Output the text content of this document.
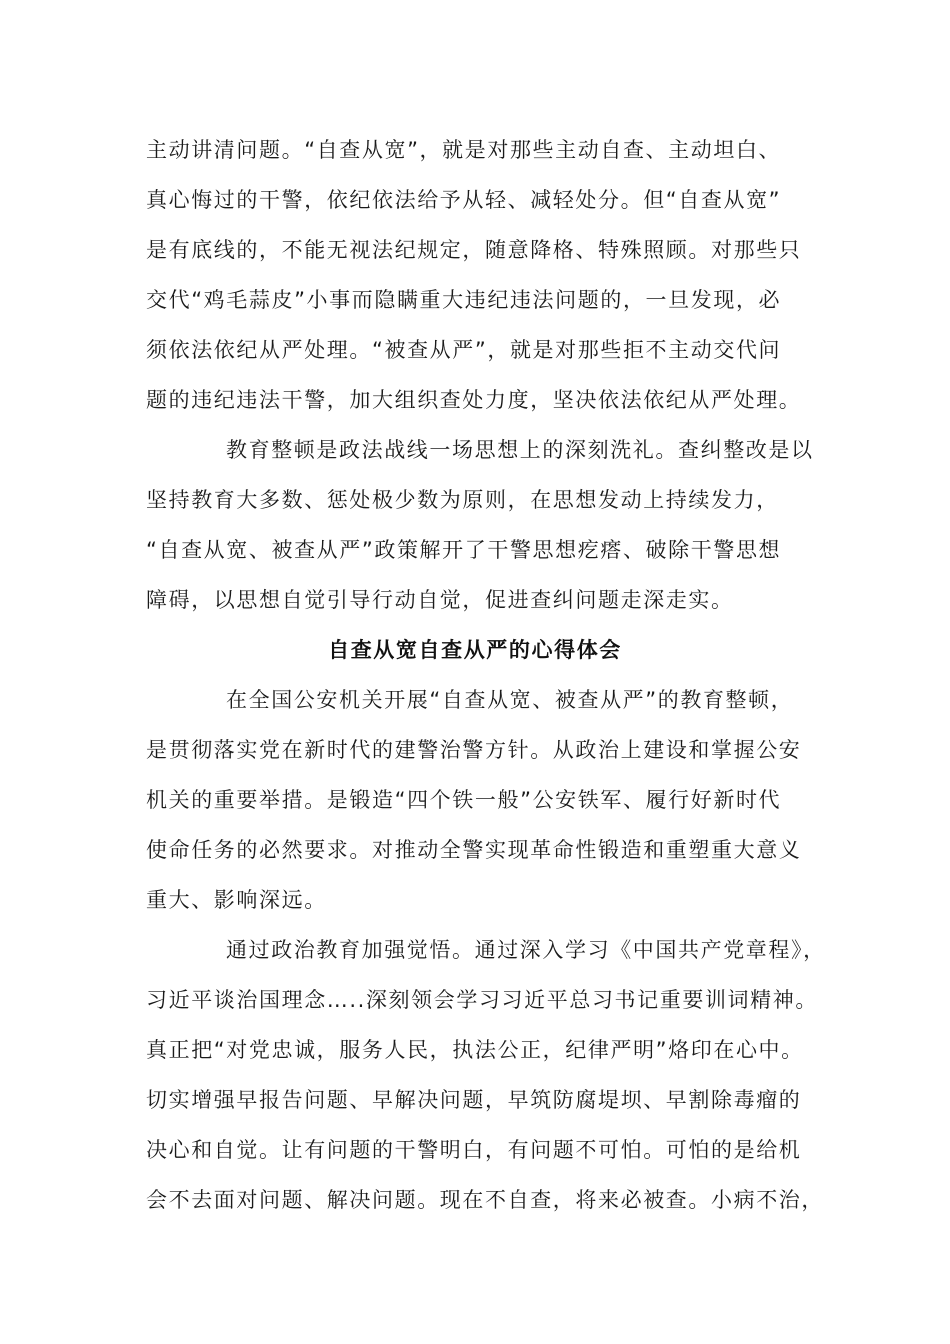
主动讲清问题。“自查从宽”，就是对那些主动自查、主动坦白、
真心悔过的干警，依纪依法给予从轻、减轻处分。但“自查从宽”
是有底线的，不能无视法纪规定，随意降格、特殊照顾。对那些只
交代“鸡毛蒜皮”小事而隐瞒重大违纪违法问题的，一旦发现，必
须依法依纪从严处理。“被查从严”，就是对那些拒不主动交代问
题的违纪违法干警，加大组织查处力度，坚决依法依纪从严处理。
教育整顿是政法战线一场思想上的深刻洗礼。查纠整改是以
坚持教育大多数、惩处极少数为原则，在思想发动上持续发力，
“自查从宽、被查从严”政策解开了干警思想疙瘩、破除干警思想
障碍，以思想自觉引导行动自觉，促进查纠问题走深走实。
自查从宽自查从严的心得体会
在全国公安机关开展“自查从宽、被查从严”的教育整顿，
是贯彻落实党在新时代的建警治警方针。从政治上建设和掌握公安
机关的重要举措。是锻造“四个铁一般”公安铁军、履行好新时代
使命任务的必然要求。对推动全警实现革命性锻造和重塑重大意义
重大、影响深远。
通过政治教育加强觉悟。通过深入学习《中国共产党章程》，
习近平谈治国理念…..深刻领会学习习近平总习书记重要训词精神。
真正把“对党忠诚，服务人民，执法公正，纪律严明”烙印在心中。
切实增强早报告问题、早解决问题，早筑防腐堤坝、早割除毒瘤的
决心和自觉。让有问题的干警明白，有问题不可怕。可怕的是给机
会不去面对问题、解决问题。现在不自查，将来必被查。小病不治，
